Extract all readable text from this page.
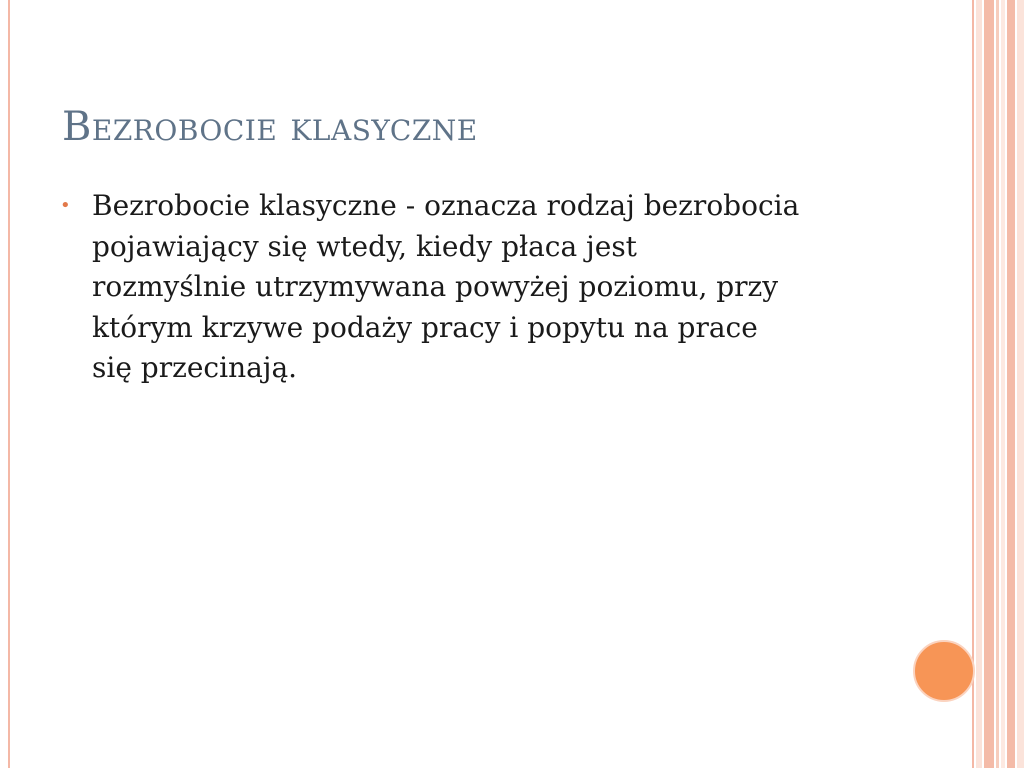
Bezrobocie klasyczne
• Bezrobocie klasyczne - oznacza rodzaj bezrobocia
pojawiający się wtedy, kiedy płaca jest
rozmyślnie utrzymywana powyżej poziomu, przy
którym krzywe podaży pracy i popytu na prace
się przecinają.
